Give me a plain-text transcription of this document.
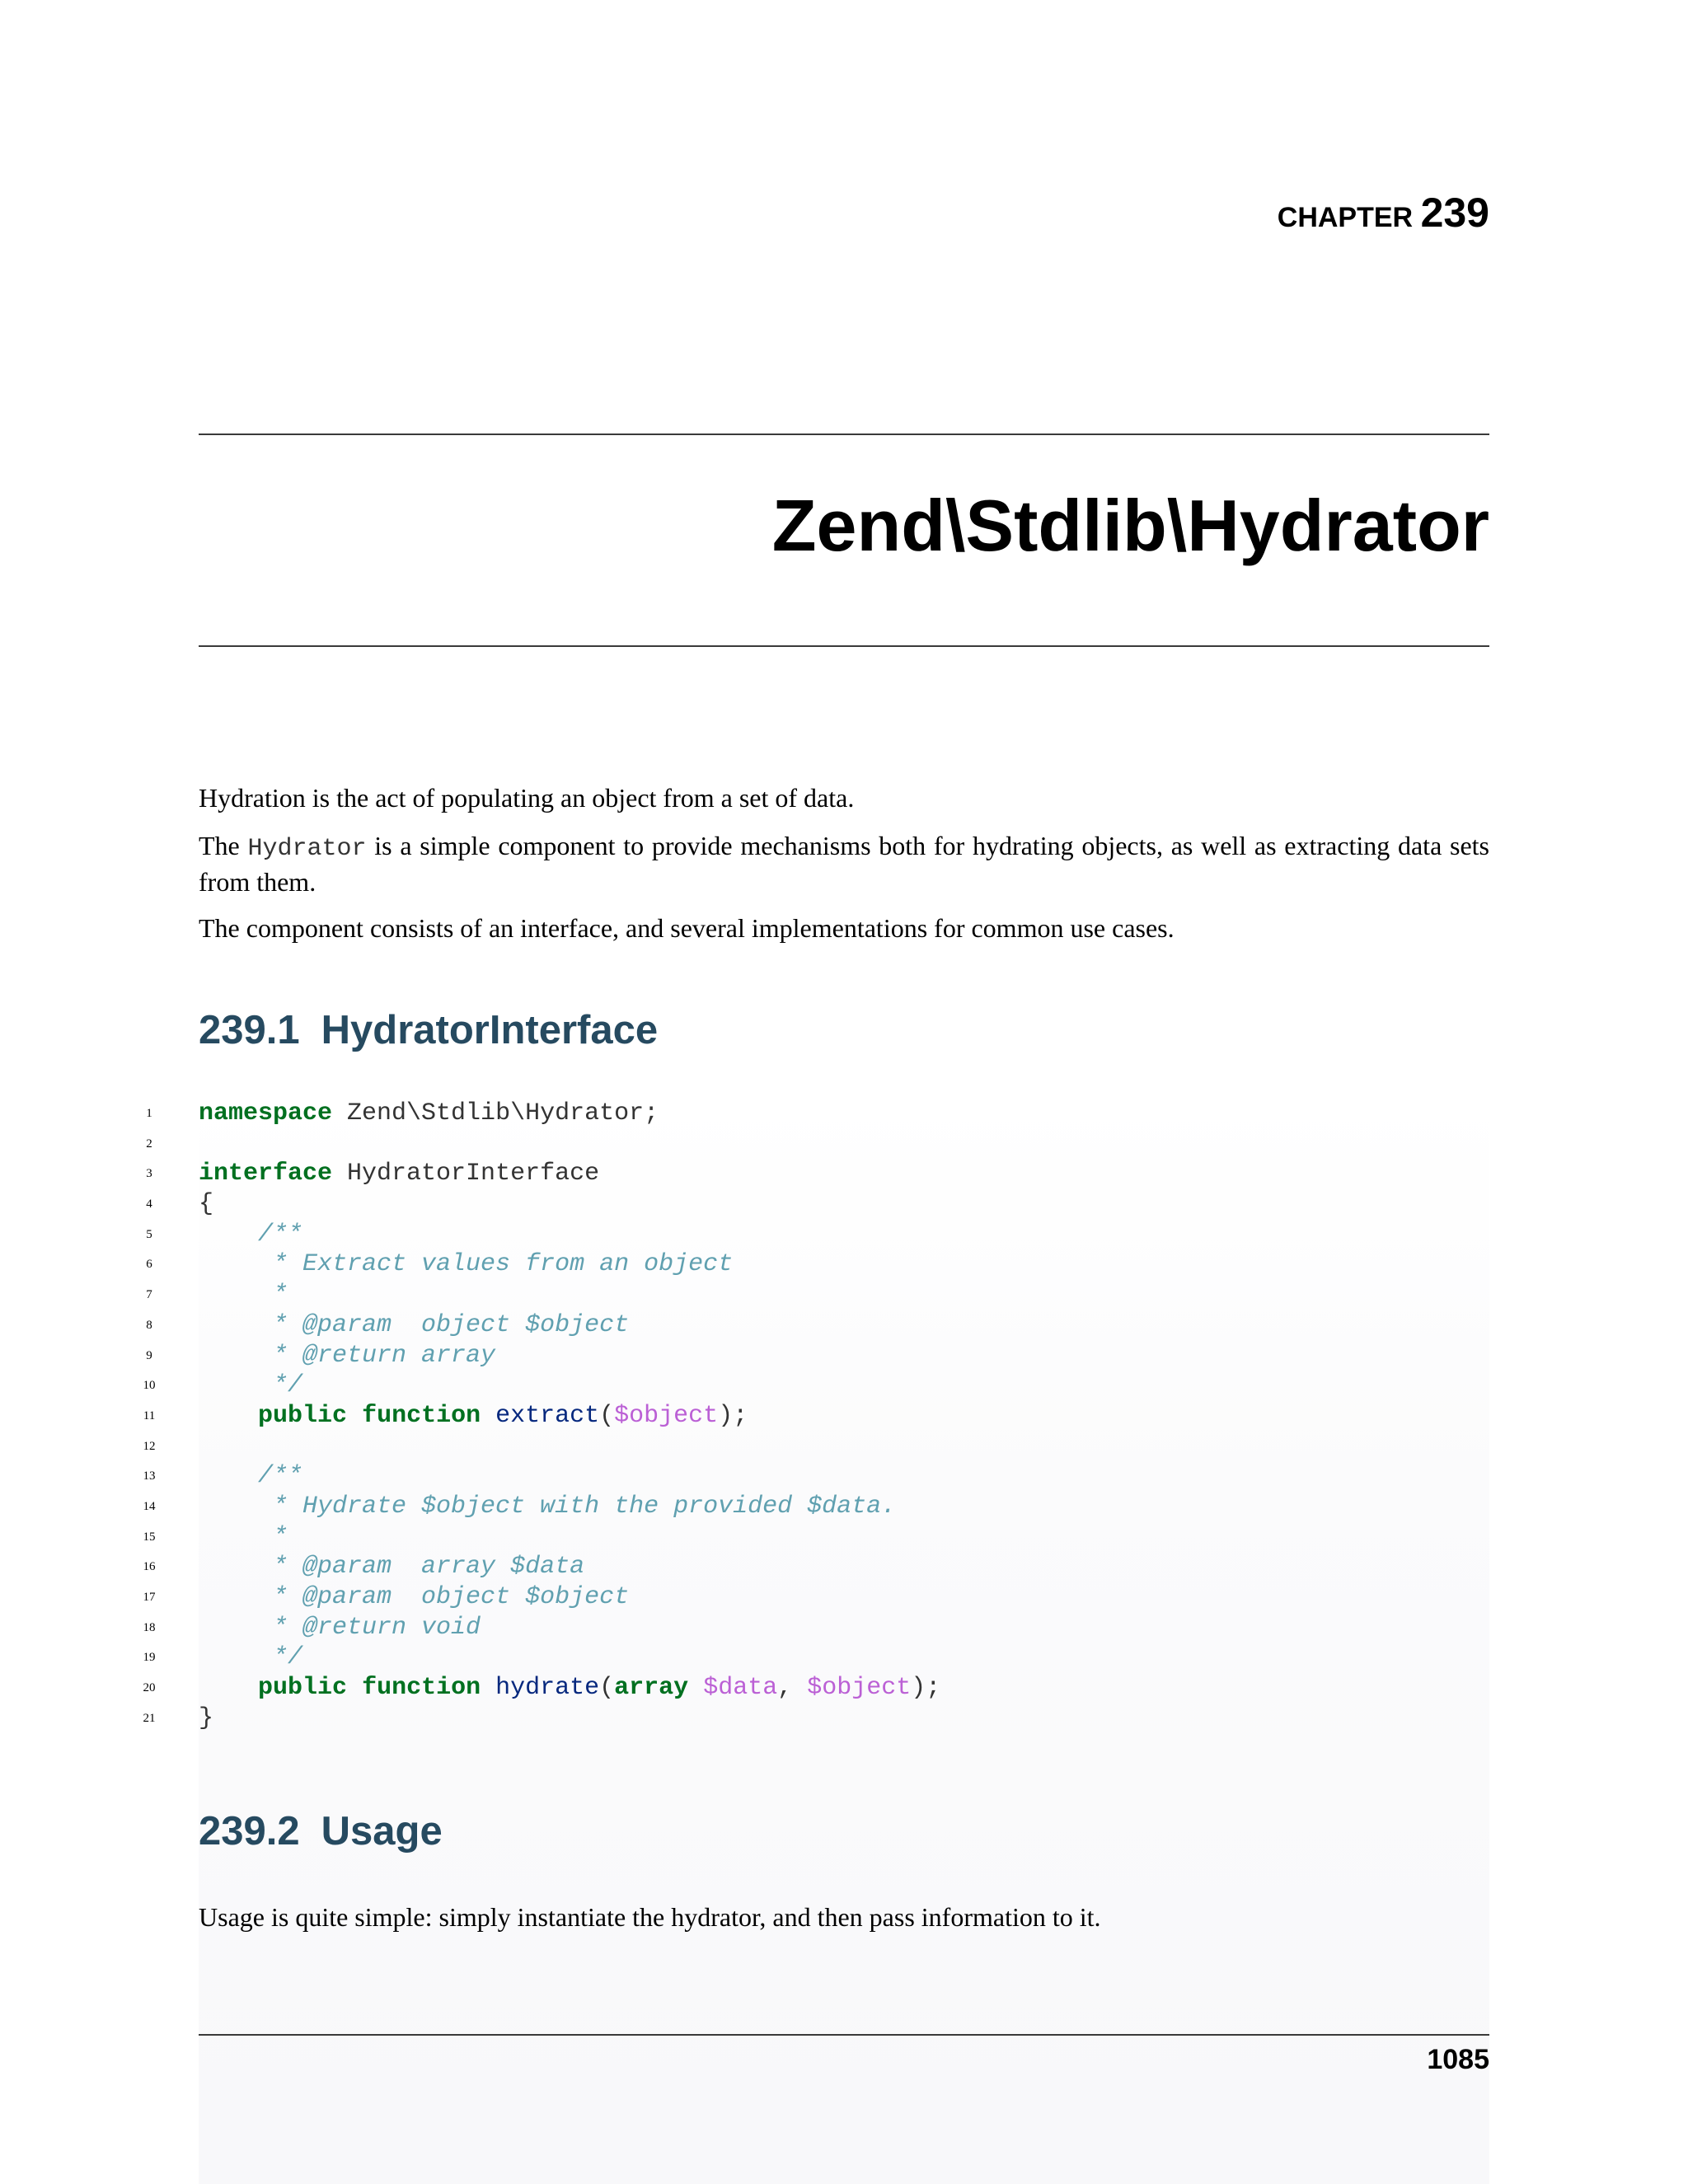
CHAPTER 239
Zend\Stdlib\Hydrator

Hydration is the act of populating an object from a set of data.

The Hydrator is a simple component to provide mechanisms both for hydrating objects, as well as extracting data sets from them.

The component consists of an interface, and several implementations for common use cases.

239.1 HydratorInterface
1	namespace Zend\Stdlib\Hydrator;
2
3	interface HydratorInterface
4	{
5	/**
6	* Extract values from an object
7	*
8	* @param  object $object
9	* @return array
10	*/
11	public function extract($object);
12
13	/**
14	* Hydrate $object with the provided $data.
15	*
16	* @param  array $data
17	* @param  object $object
18	* @return void
19	*/
20	public function hydrate(array $data, $object);
21	}
239.2 Usage

Usage is quite simple: simply instantiate the hydrator, and then pass information to it.

1085
